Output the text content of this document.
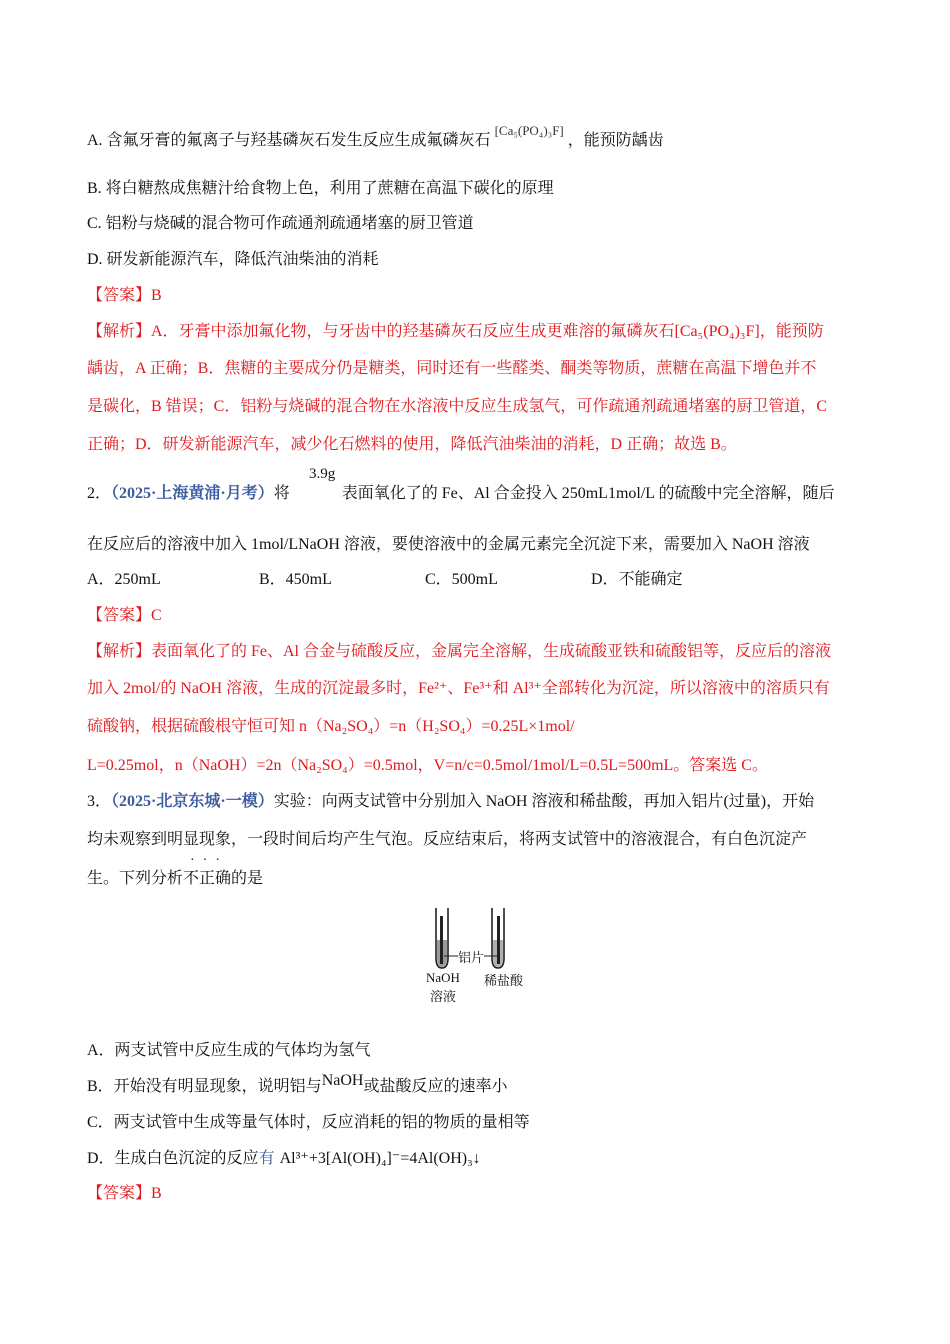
A. 含氟牙膏的氟离子与羟基磷灰石发生反应生成氟磷灰石[Ca₅(PO₄)₃F]，能预防龋齿
B. 将白糖熬成焦糖汁给食物上色，利用了蔗糖在高温下碳化的原理
C. 铝粉与烧碱的混合物可作疏通剂疏通堵塞的厨卫管道
D. 研发新能源汽车，降低汽油柴油的消耗
【答案】B
【解析】A．牙膏中添加氟化物，与牙齿中的羟基磷灰石反应生成更难溶的氟磷灰石[Ca₅(PO₄)₃F]，能预防
龋齿，A 正确；B．焦糖的主要成分仍是糖类，同时还有一些醛类、酮类等物质，蔗糖在高温下增色并不
是碳化，B 错误；C．铝粉与烧碱的混合物在水溶液中反应生成氢气，可作疏通剂疏通堵塞的厨卫管道，C
正确；D．研发新能源汽车，减少化石燃料的使用，降低汽油柴油的消耗，D 正确；故选 B。
3.9g
2．（2025·上海黄浦·月考）将	表面氧化了的 Fe、Al 合金投入 250mL1mol/L 的硫酸中完全溶解，随后
在反应后的溶液中加入 1mol/LNaOH 溶液，要使溶液中的金属元素完全沉淀下来，需要加入 NaOH 溶液
A．250mL	B．450mL	C．500mL	D．不能确定
【答案】C
【解析】表面氧化了的 Fe、Al 合金与硫酸反应，金属完全溶解，生成硫酸亚铁和硫酸铝等，反应后的溶液
加入 2mol/的 NaOH 溶液，生成的沉淀最多时，Fe²⁺、Fe³⁺和 Al³⁺全部转化为沉淀，所以溶液中的溶质只有
硫酸钠，根据硫酸根守恒可知 n（Na₂SO₄）=n（H₂SO₄）=0.25L×1mol/
L=0.25mol，n（NaOH）=2n（Na₂SO₄）=0.5mol，V=n/c=0.5mol/1mol/L=0.5L=500mL。答案选 C。
3．（2025·北京东城·一模）实验：向两支试管中分别加入 NaOH 溶液和稀盐酸，再加入铝片(过量)，开始
均未观察到明显现象，一段时间后均产生气泡。反应结束后，将两支试管中的溶液混合，有白色沉淀产
···
生。下列分析不正确的是
铝片
NaOH
溶液
稀盐酸
A．两支试管中反应生成的气体均为氢气
B．开始没有明显现象，说明铝与NaOH或盐酸反应的速率小
C．两支试管中生成等量气体时，反应消耗的铝的物质的量相等
D．生成白色沉淀的反应有 Al³⁺+3[Al(OH)₄]⁻=4Al(OH)₃↓
【答案】B
